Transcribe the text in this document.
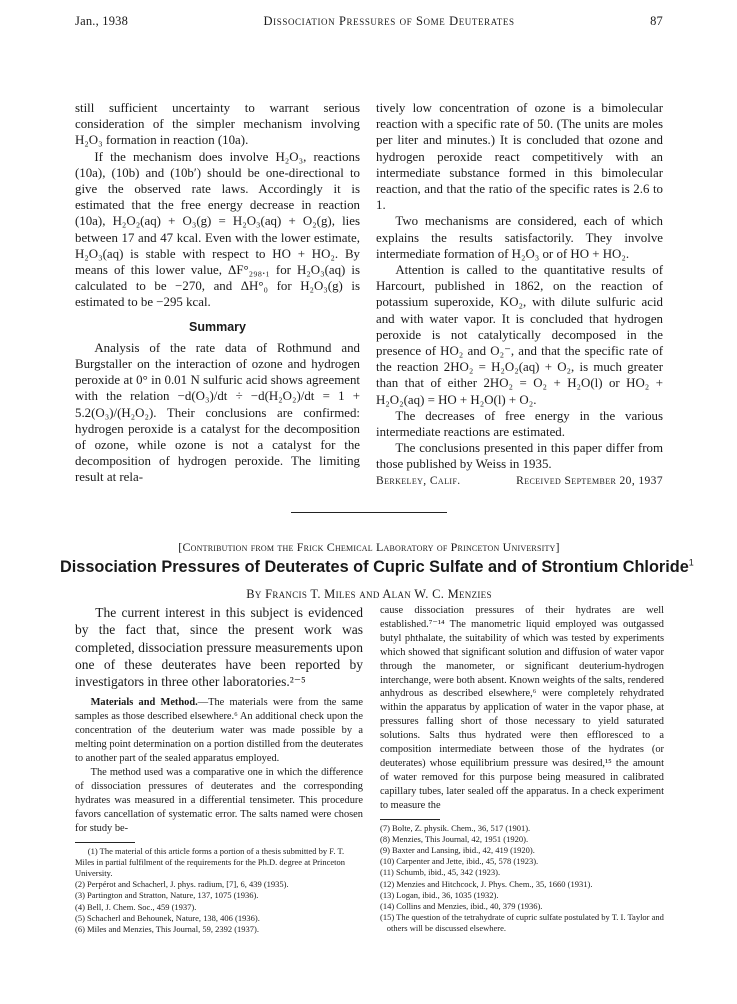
Jan., 1938	Dissociation Pressures of Some Deuterates	87

still sufficient uncertainty to warrant serious consideration of the simpler mechanism involving H₂O₃ formation in reaction (10a).

If the mechanism does involve H₂O₃, reactions (10a), (10b) and (10b′) should be one-directional to give the observed rate laws. Accordingly it is estimated that the free energy decrease in reaction (10a), H₂O₂(aq) + O₃(g) = H₂O₃(aq) + O₂(g), lies between 17 and 47 kcal. Even with the lower estimate, H₂O₃(aq) is stable with respect to HO + HO₂. By means of this lower value, ΔF°₂₉₈.₁ for H₂O₃(aq) is calculated to be −270, and ΔH°₀ for H₂O₃(g) is estimated to be −295 kcal.

Summary

Analysis of the rate data of Rothmund and Burgstaller on the interaction of ozone and hydrogen peroxide at 0° in 0.01 N sulfuric acid shows agreement with the relation −d(O₃)/dt ÷ −d(H₂O₂)/dt = 1 + 5.2(O₃)/(H₂O₂). Their conclusions are confirmed: hydrogen peroxide is a catalyst for the decomposition of ozone, while ozone is not a catalyst for the decomposition of hydrogen peroxide. The limiting result at rela-

tively low concentration of ozone is a bimolecular reaction with a specific rate of 50. (The units are moles per liter and minutes.) It is concluded that ozone and hydrogen peroxide react competitively with an intermediate substance formed in this bimolecular reaction, and that the ratio of the specific rates is 2.6 to 1.

Two mechanisms are considered, each of which explains the results satisfactorily. They involve intermediate formation of H₂O₃ or of HO + HO₂.

Attention is called to the quantitative results of Harcourt, published in 1862, on the reaction of potassium superoxide, KO₂, with dilute sulfuric acid and with water vapor. It is concluded that hydrogen peroxide is not catalytically decomposed in the presence of HO₂ and O₂⁻, and that the specific rate of the reaction 2HO₂ = H₂O₂(aq) + O₂, is much greater than that of either 2HO₂ = O₂ + H₂O(l) or HO₂ + H₂O₂(aq) = HO + H₂O(l) + O₂.

The decreases of free energy in the various intermediate reactions are estimated.

The conclusions presented in this paper differ from those published by Weiss in 1935.

Berkeley, Calif.	Received September 20, 1937
[Contribution from the Frick Chemical Laboratory of Princeton University]
Dissociation Pressures of Deuterates of Cupric Sulfate and of Strontium Chloride$^1$
By Francis T. Miles and Alan W. C. Menzies

The current interest in this subject is evidenced by the fact that, since the present work was completed, dissociation pressure measurements upon one of these deuterates have been reported by investigators in three other laboratories.²⁻⁵

Materials and Method.—The materials were from the same samples as those described elsewhere.⁶ An additional check upon the concentration of the deuterium water was made possible by a melting point determination on a portion distilled from the deuterates to another part of the sealed apparatus employed.

The method used was a comparative one in which the difference of dissociation pressures of deuterates and the corresponding hydrates was measured in a differential tensimeter. This procedure favors cancellation of systematic error. The salts named were chosen for study be-

(1) The material of this article forms a portion of a thesis submitted by F. T. Miles in partial fulfilment of the requirements for the Ph.D. degree at Princeton University.

(2) Perpérot and Schacherl, J. phys. radium, [7], 6, 439 (1935).

(3) Partington and Stratton, Nature, 137, 1075 (1936).

(4) Bell, J. Chem. Soc., 459 (1937).

(5) Schacherl and Behounek, Nature, 138, 406 (1936).

(6) Miles and Menzies, This Journal, 59, 2392 (1937).

cause dissociation pressures of their hydrates are well established.⁷⁻¹⁴ The manometric liquid employed was outgassed butyl phthalate, the suitability of which was tested by experiments which showed that significant solution and diffusion of water vapor through the manometer, or significant deuterium-hydrogen interchange, were both absent. Known weights of the salts, rendered anhydrous as described elsewhere,⁶ were completely rehydrated within the apparatus by application of water in the vapor phase, at pressures falling short of those necessary to yield saturated solutions. Salts thus hydrated were then effloresced to a composition intermediate between those of the hydrates (or deuterates) whose equilibrium pressure was desired,¹⁵ the amount of water removed for this purpose being measured in calibrated capillary tubes, later sealed off the apparatus. In a check experiment to measure the

(7) Bolte, Z. physik. Chem., 36, 517 (1901).

(8) Menzies, This Journal, 42, 1951 (1920).

(9) Baxter and Lansing, ibid., 42, 419 (1920).

(10) Carpenter and Jette, ibid., 45, 578 (1923).

(11) Schumb, ibid., 45, 342 (1923).

(12) Menzies and Hitchcock, J. Phys. Chem., 35, 1660 (1931).

(13) Logan, ibid., 36, 1035 (1932).

(14) Collins and Menzies, ibid., 40, 379 (1936).

(15) The question of the tetrahydrate of cupric sulfate postulated by T. I. Taylor and others will be discussed elsewhere.
